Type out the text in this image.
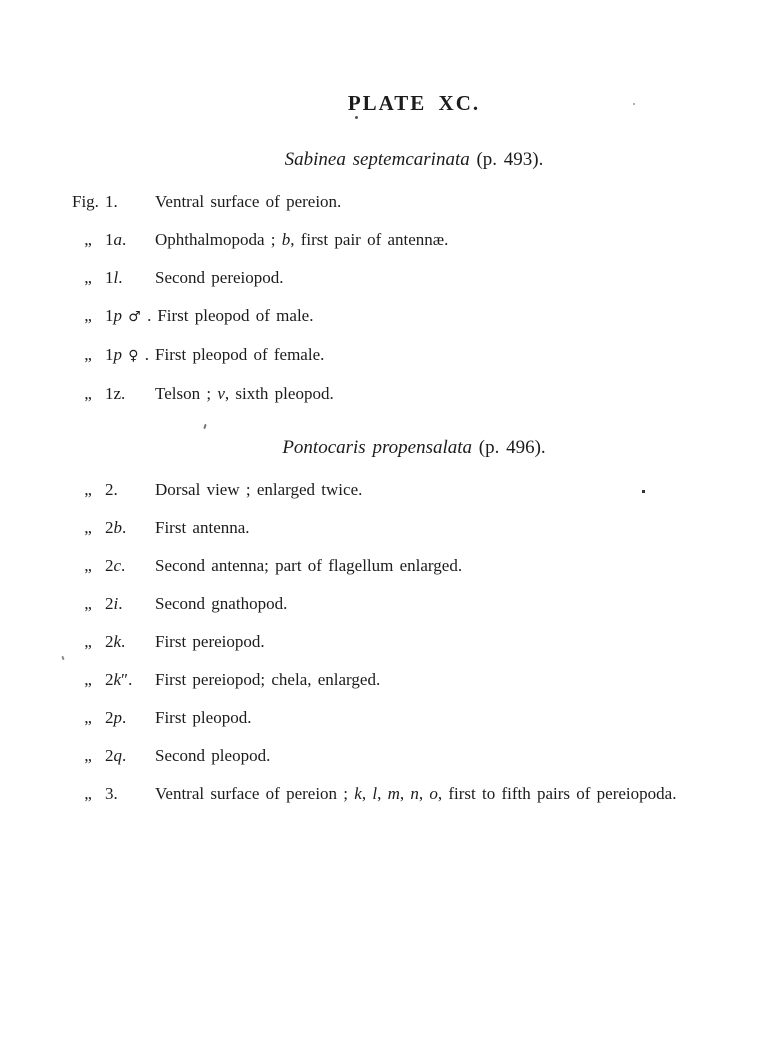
PLATE XC.
Sabinea septemcarinata (p. 493).
Fig. 1.	Ventral surface of pereion.
„ 1a.	Ophthalmopoda ; b, first pair of antennæ.
„ 1l.	Second pereiopod.
„ 1p ♂ . First pleopod of male.
„ 1p ♀ . First pleopod of female.
„ 1z.	Telson ; v, sixth pleopod.
Pontocaris propensalata (p. 496).
„ 2.	Dorsal view ; enlarged twice.
„ 2b.	First antenna.
„ 2c.	Second antenna; part of flagellum enlarged.
„ 2i.	Second gnathopod.
„ 2k.	First pereiopod.
„ 2k″.	First pereiopod; chela, enlarged.
„ 2p.	First pleopod.
„ 2q.	Second pleopod.
„ 3.	Ventral surface of pereion ; k, l, m, n, o, first to fifth pairs of pereiopoda.
